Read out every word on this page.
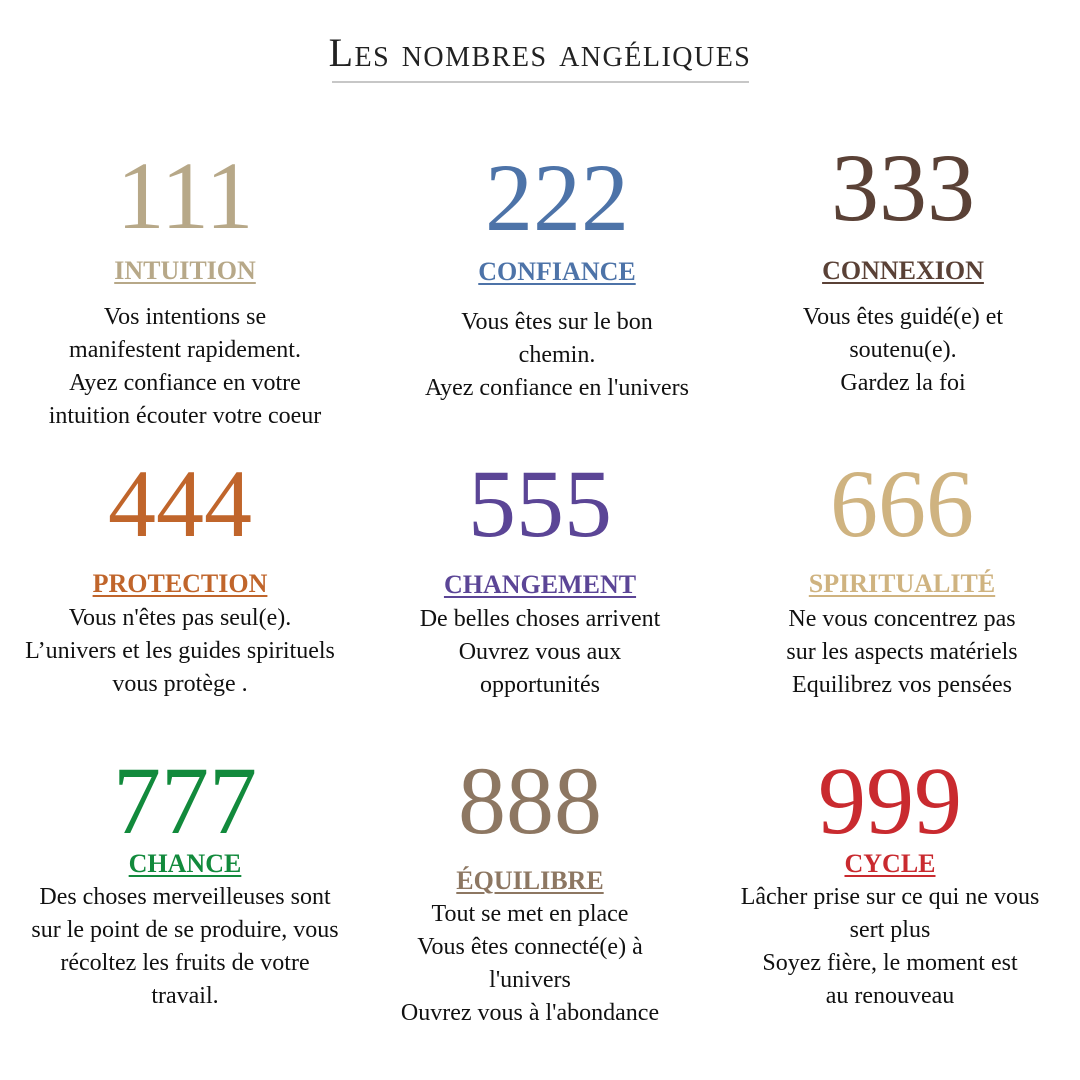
Les nombres angéliques
111
INTUITION
Vos intentions se
manifestent rapidement.
Ayez confiance en votre
intuition écouter votre coeur
222
CONFIANCE
Vous êtes sur le bon
chemin.
Ayez confiance en l'univers
333
CONNEXION
Vous êtes guidé(e) et
soutenu(e).
Gardez la foi
444
PROTECTION
Vous n'êtes pas seul(e).
L’univers et les guides spirituels
vous protège .
555
CHANGEMENT
De belles choses arrivent
Ouvrez vous aux
opportunités
666
SPIRITUALITÉ
Ne vous concentrez pas
sur les aspects matériels
Equilibrez vos pensées
777
CHANCE
Des choses merveilleuses sont
sur le point de se produire, vous
récoltez les fruits de votre
travail.
888
ÉQUILIBRE
Tout se met en place
Vous êtes connecté(e) à
l'univers
Ouvrez vous à l'abondance
999
CYCLE
Lâcher prise sur ce qui ne vous
sert plus
Soyez fière, le moment est
au renouveau
